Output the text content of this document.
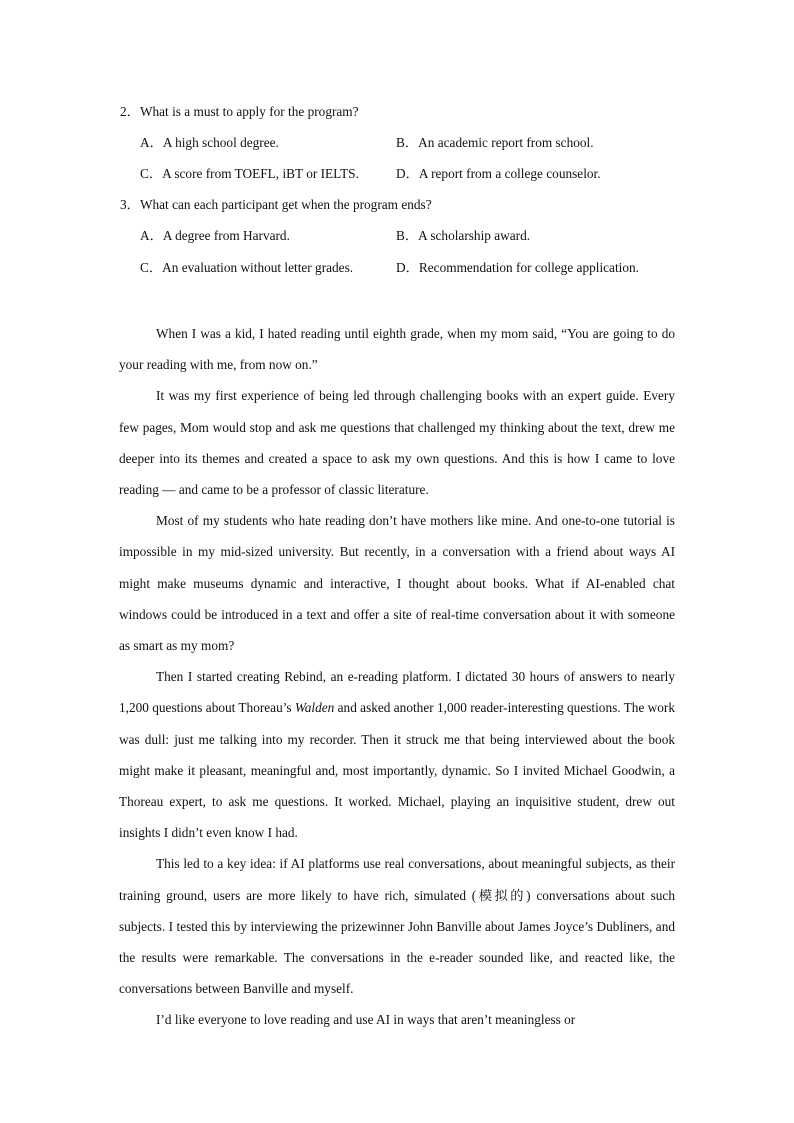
2．What is a must to apply for the program?
A．A high school degree.	B．An academic report from school.
C．A score from TOEFL, iBT or IELTS.	D．A report from a college counselor.
3．What can each participant get when the program ends?
A．A degree from Harvard.	B．A scholarship award.
C．An evaluation without letter grades.	D．Recommendation for college application.

When I was a kid, I hated reading until eighth grade, when my mom said, “You are going to do your reading with me, from now on.”

It was my first experience of being led through challenging books with an expert guide. Every few pages, Mom would stop and ask me questions that challenged my thinking about the text, drew me deeper into its themes and created a space to ask my own questions. And this is how I came to love reading — and came to be a professor of classic literature.

Most of my students who hate reading don’t have mothers like mine. And one-to-one tutorial is impossible in my mid-sized university. But recently, in a conversation with a friend about ways AI might make museums dynamic and interactive, I thought about books. What if AI-enabled chat windows could be introduced in a text and offer a site of real-time conversation about it with someone as smart as my mom?

Then I started creating Rebind, an e-reading platform. I dictated 30 hours of answers to nearly 1,200 questions about Thoreau’s Walden and asked another 1,000 reader-interesting questions. The work was dull: just me talking into my recorder. Then it struck me that being interviewed about the book might make it pleasant, meaningful and, most importantly, dynamic. So I invited Michael Goodwin, a Thoreau expert, to ask me questions. It worked. Michael, playing an inquisitive student, drew out insights I didn’t even know I had.

This led to a key idea: if AI platforms use real conversations, about meaningful subjects, as their training ground, users are more likely to have rich, simulated (模拟的) conversations about such subjects. I tested this by interviewing the prizewinner John Banville about James Joyce’s Dubliners, and the results were remarkable. The conversations in the e-reader sounded like, and reacted like, the conversations between Banville and myself.

I’d like everyone to love reading and use AI in ways that aren’t meaningless or
